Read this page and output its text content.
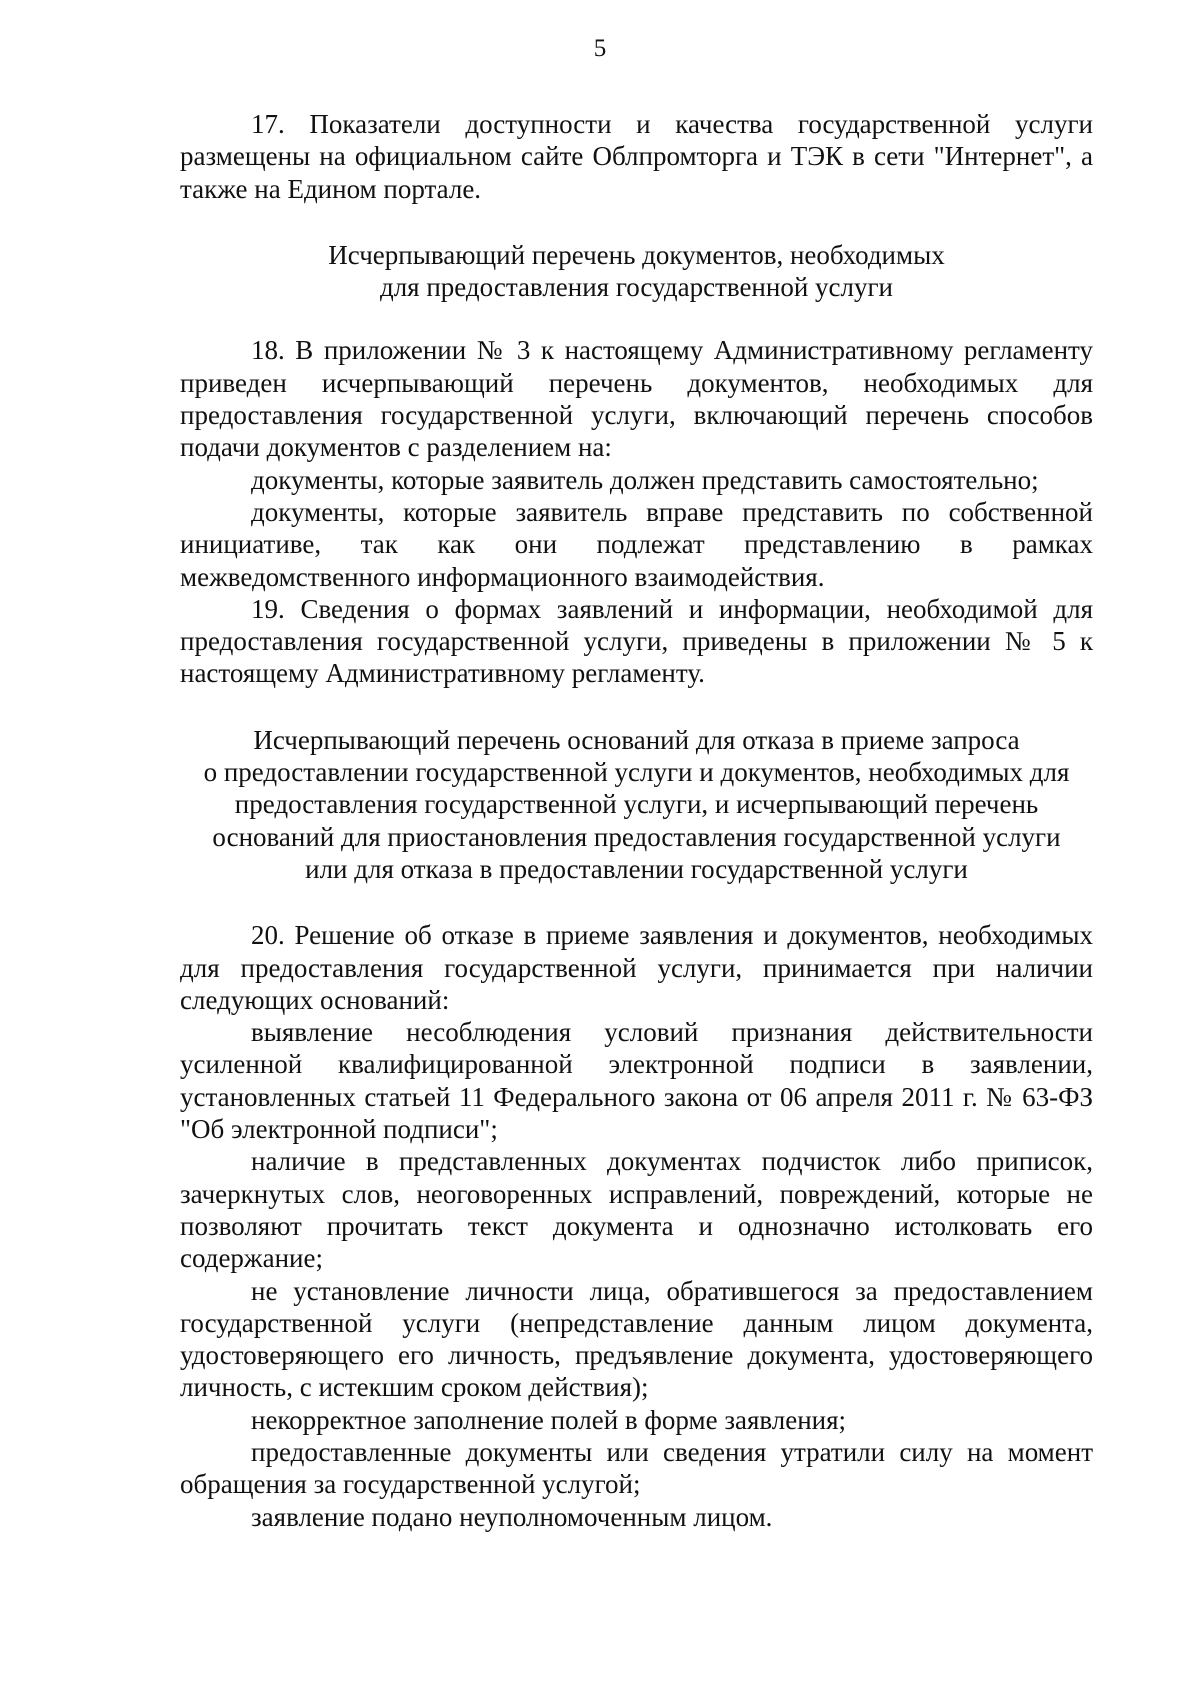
5

17. Показатели доступности и качества государственной услуги размещены на официальном сайте Облпромторга и ТЭК в сети "Интернет", а также на Едином портале.

Исчерпывающий перечень документов, необходимых
для предоставления государственной услуги

18. В приложении № 3 к настоящему Административному регламенту приведен исчерпывающий перечень документов, необходимых для предоставления государственной услуги, включающий перечень способов подачи документов с разделением на:

документы, которые заявитель должен представить самостоятельно;

документы, которые заявитель вправе представить по собственной инициативе, так как они подлежат представлению в рамках межведомственного информационного взаимодействия.

19. Сведения о формах заявлений и информации, необходимой для предоставления государственной услуги, приведены в приложении № 5 к настоящему Административному регламенту.

Исчерпывающий перечень оснований для отказа в приеме запроса
о предоставлении государственной услуги и документов, необходимых для
предоставления государственной услуги, и исчерпывающий перечень
оснований для приостановления предоставления государственной услуги
или для отказа в предоставлении государственной услуги

20. Решение об отказе в приеме заявления и документов, необходимых для предоставления государственной услуги, принимается при наличии следующих оснований:

выявление несоблюдения условий признания действительности усиленной квалифицированной электронной подписи в заявлении, установленных статьей 11 Федерального закона от 06 апреля 2011 г. № 63-ФЗ "Об электронной подписи";

наличие в представленных документах подчисток либо приписок, зачеркнутых слов, неоговоренных исправлений, повреждений, которые не позволяют прочитать текст документа и однозначно истолковать его содержание;

не установление личности лица, обратившегося за предоставлением государственной услуги (непредставление данным лицом документа, удостоверяющего его личность, предъявление документа, удостоверяющего личность, с истекшим сроком действия);

некорректное заполнение полей в форме заявления;

предоставленные документы или сведения утратили силу на момент обращения за государственной услугой;

заявление подано неуполномоченным лицом.
